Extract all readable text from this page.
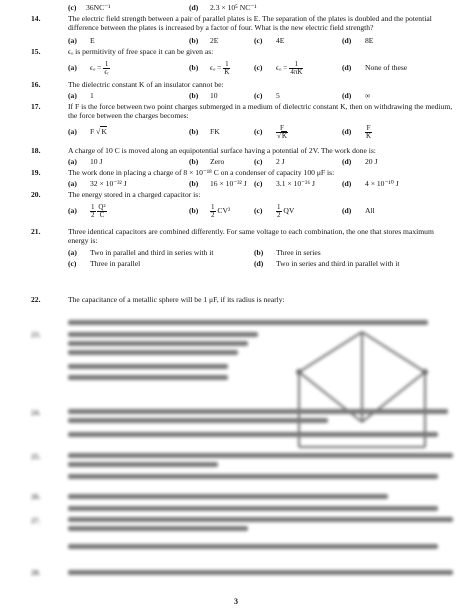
(c) 36NC⁻¹	(d) 2.3 × 10⁵ NC⁻¹
14.	The electric field strength between a pair of parallel plates is E. The separation of the plates is doubled and the potential difference between the plates is increased by a factor of four. What is the new electric field strength?
(a) E	(b) 2E	(c) 4E	(d) 8E
15.	ϵₒ is permitivity of free space it can be given as:
(a) $\epsilon_o = \frac{1}{\text{ϵᵣ}}$	(b) $\epsilon_o = \frac{1}{K}$	(c) $\epsilon_o = \frac{1}{4\pi K}$	(d) None of these
16.	The dielectric constant K of an insulator cannot be:
(a) 1	(b) 10	(c) 5	(d) ∞
17.	If F is the force between two point charges submerged in a medium of dielectric constant K, then on withdrawing the medium, the force between the charges becomes:
(a) F √K	(b) FK	$(c) \frac{F}{√K}$	$(d) \frac{F}{K}$
18.	A charge of 10 C is moved along an equipotential surface having a potential of 2V. The work done is:
(a) 10 J	(b) Zero	(c) 2 J	(d) 20 J
19.	The work done in placing a charge of 8 × 10⁻¹⁸ C on a condenser of capacity 100 μF is:
(a) 32 × 10⁻³² J	(b) 16 × 10⁻³² J (c) 3.1 × 10⁻²⁶ J	(d) 4 × 10⁻¹⁰ J
20.	The energy stored in a charged capacitor is:
$(a) \frac{1}{2}$
$\frac{\text{Q²}}{C}$	$(b) \frac{1}{2} CV^2$	$(c) \frac{1}{2}$ QV	(d) All
21.	Three identical capacitors are combined differently. For same voltage to each combination, the one that stores maximum energy is:
(a) Two in parallel and third in series with it	(b) Three in series
(c) Three in parallel	(d) Two in series and third in parallel with it
22.	The capacitance of a metallic sphere will be 1 μF, if its radius is nearly:
23.
24.
25.
26.
27.
28.
3
